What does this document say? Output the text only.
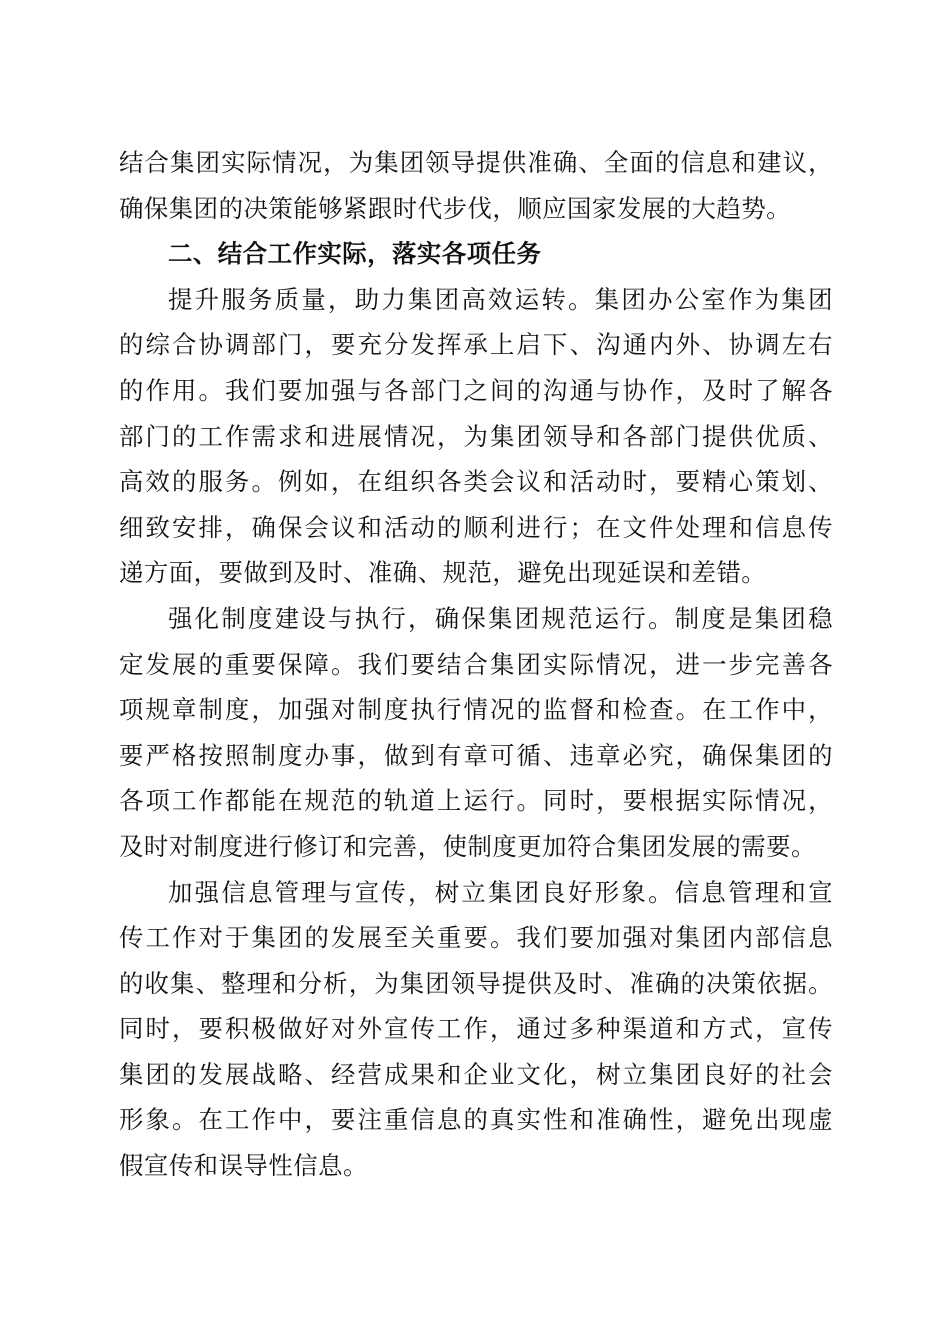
结合集团实际情况，为集团领导提供准确、全面的信息和建议，
确保集团的决策能够紧跟时代步伐，顺应国家发展的大趋势。
二、结合工作实际，落实各项任务
提升服务质量，助力集团高效运转。集团办公室作为集团
的综合协调部门，要充分发挥承上启下、沟通内外、协调左右
的作用。我们要加强与各部门之间的沟通与协作，及时了解各
部门的工作需求和进展情况，为集团领导和各部门提供优质、
高效的服务。例如，在组织各类会议和活动时，要精心策划、
细致安排，确保会议和活动的顺利进行；在文件处理和信息传
递方面，要做到及时、准确、规范，避免出现延误和差错。
强化制度建设与执行，确保集团规范运行。制度是集团稳
定发展的重要保障。我们要结合集团实际情况，进一步完善各
项规章制度，加强对制度执行情况的监督和检查。在工作中，
要严格按照制度办事，做到有章可循、违章必究，确保集团的
各项工作都能在规范的轨道上运行。同时，要根据实际情况，
及时对制度进行修订和完善，使制度更加符合集团发展的需要。
加强信息管理与宣传，树立集团良好形象。信息管理和宣
传工作对于集团的发展至关重要。我们要加强对集团内部信息
的收集、整理和分析，为集团领导提供及时、准确的决策依据。
同时，要积极做好对外宣传工作，通过多种渠道和方式，宣传
集团的发展战略、经营成果和企业文化，树立集团良好的社会
形象。在工作中，要注重信息的真实性和准确性，避免出现虚
假宣传和误导性信息。
